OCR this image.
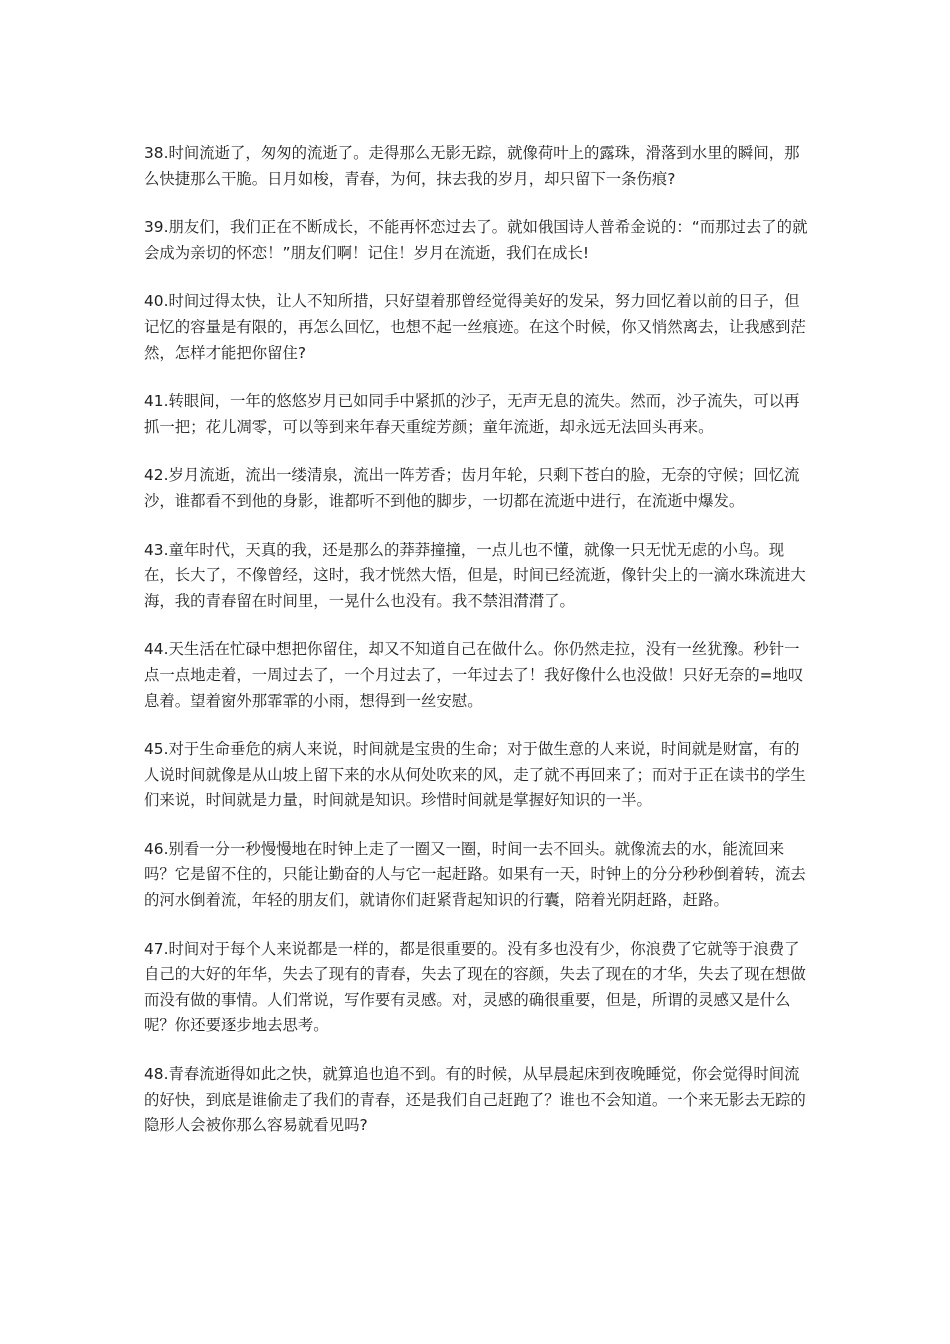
38.时间流逝了，匆匆的流逝了。走得那么无影无踪，就像荷叶上的露珠，滑落到水里的瞬间，那么快捷那么干脆。日月如梭，青春，为何，抹去我的岁月，却只留下一条伤痕?

39.朋友们，我们正在不断成长，不能再怀恋过去了。就如俄国诗人普希金说的：“而那过去了的就会成为亲切的怀恋！”朋友们啊！记住！岁月在流逝，我们在成长!

40.时间过得太快，让人不知所措，只好望着那曾经觉得美好的发呆，努力回忆着以前的日子，但记忆的容量是有限的，再怎么回忆，也想不起一丝痕迹。在这个时候，你又悄然离去，让我感到茫然，怎样才能把你留住?

41.转眼间，一年的悠悠岁月已如同手中紧抓的沙子，无声无息的流失。然而，沙子流失，可以再抓一把；花儿凋零，可以等到来年春天重绽芳颜；童年流逝，却永远无法回头再来。

42.岁月流逝，流出一缕清泉，流出一阵芳香；齿月年轮，只剩下苍白的脸，无奈的守候；回忆流沙，谁都看不到他的身影，谁都听不到他的脚步，一切都在流逝中进行，在流逝中爆发。

43.童年时代，天真的我，还是那么的莽莽撞撞，一点儿也不懂，就像一只无忧无虑的小鸟。现在，长大了，不像曾经，这时，我才恍然大悟，但是，时间已经流逝，像针尖上的一滴水珠流进大海，我的青春留在时间里，一晃什么也没有。我不禁泪潸潸了。

44.天生活在忙碌中想把你留住，却又不知道自己在做什么。你仍然走拉，没有一丝犹豫。秒针一点一点地走着，一周过去了，一个月过去了，一年过去了！我好像什么也没做！只好无奈的=地叹息着。望着窗外那霏霏的小雨，想得到一丝安慰。

45.对于生命垂危的病人来说，时间就是宝贵的生命；对于做生意的人来说，时间就是财富，有的人说时间就像是从山坡上留下来的水从何处吹来的风，走了就不再回来了；而对于正在读书的学生们来说，时间就是力量，时间就是知识。珍惜时间就是掌握好知识的一半。

46.别看一分一秒慢慢地在时钟上走了一圈又一圈，时间一去不回头。就像流去的水，能流回来吗？它是留不住的，只能让勤奋的人与它一起赶路。如果有一天，时钟上的分分秒秒倒着转，流去的河水倒着流，年轻的朋友们，就请你们赶紧背起知识的行囊，陪着光阴赶路，赶路。

47.时间对于每个人来说都是一样的，都是很重要的。没有多也没有少，你浪费了它就等于浪费了自己的大好的年华，失去了现有的青春，失去了现在的容颜，失去了现在的才华，失去了现在想做而没有做的事情。人们常说，写作要有灵感。对，灵感的确很重要，但是，所谓的灵感又是什么呢？你还要逐步地去思考。

48.青春流逝得如此之快，就算追也追不到。有的时候，从早晨起床到夜晚睡觉，你会觉得时间流的好快，到底是谁偷走了我们的青春，还是我们自己赶跑了？谁也不会知道。一个来无影去无踪的隐形人会被你那么容易就看见吗?
